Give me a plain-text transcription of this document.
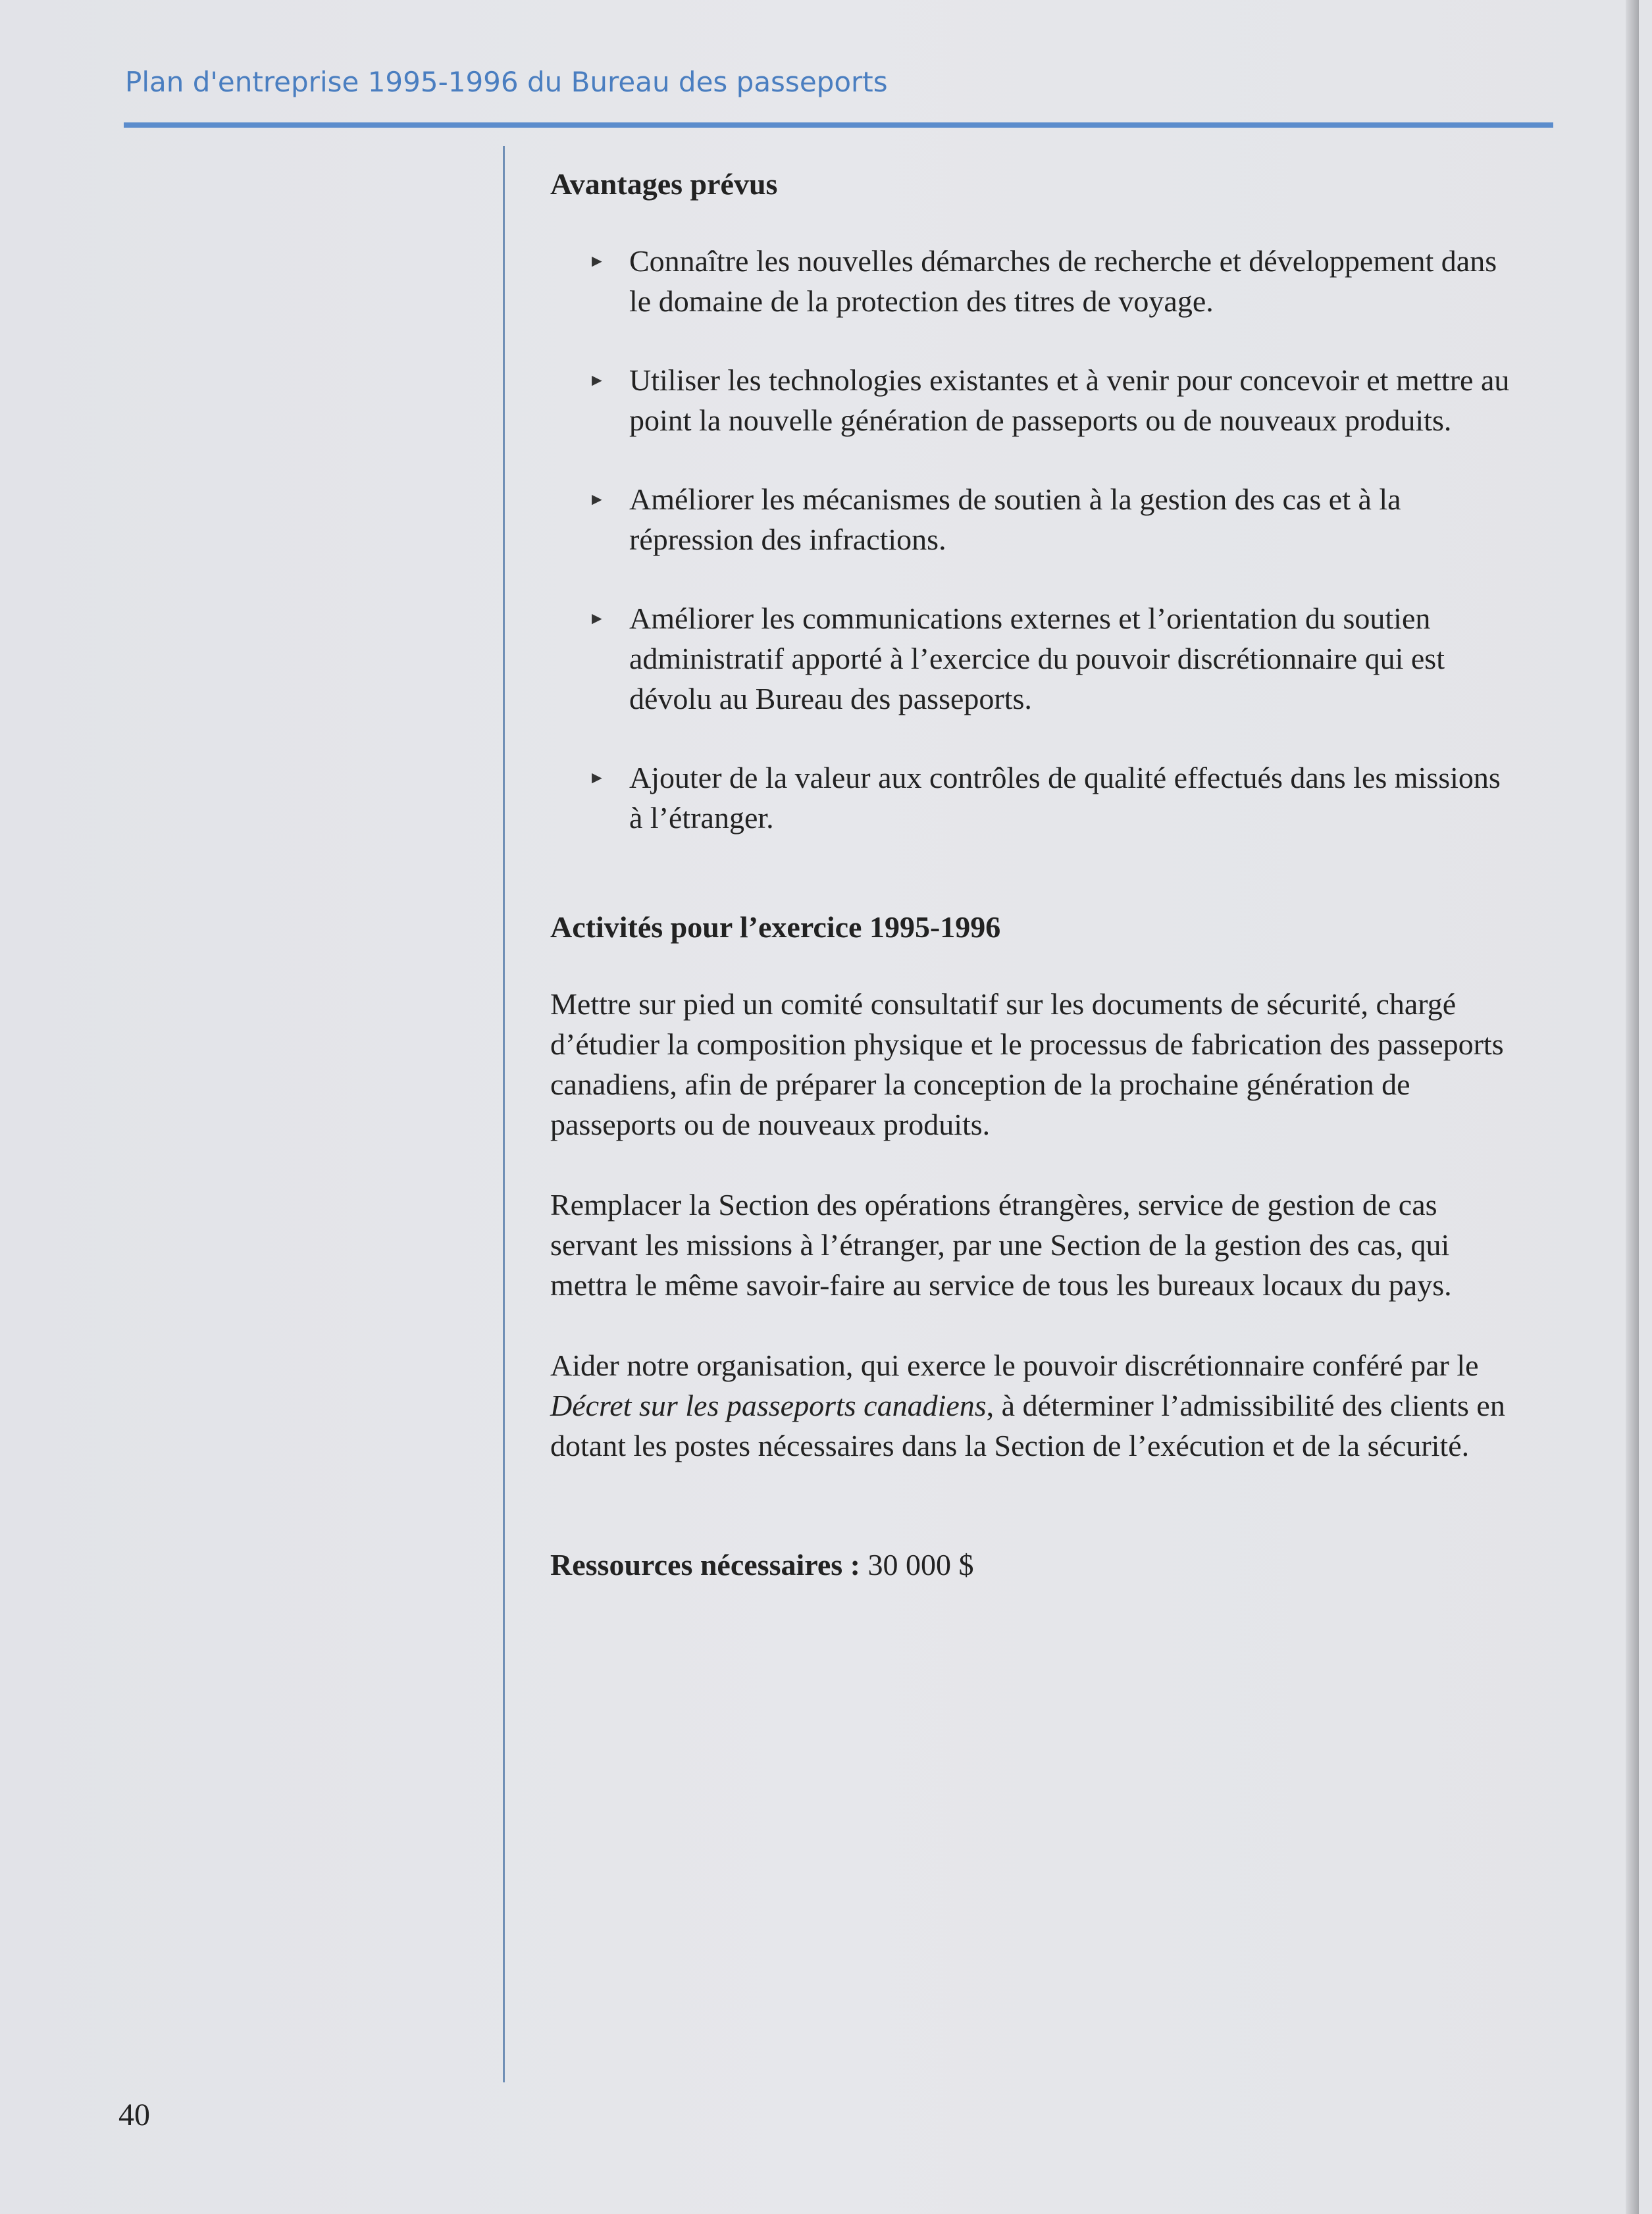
Plan d'entreprise 1995-1996 du Bureau des passeports
Avantages prévus
► Connaître les nouvelles démarches de recherche et développement dans le domaine de la protection des titres de voyage.
► Utiliser les technologies existantes et à venir pour concevoir et mettre au point la nouvelle génération de passeports ou de nouveaux produits.
► Améliorer les mécanismes de soutien à la gestion des cas et à la répression des infractions.
► Améliorer les communications externes et l’orientation du soutien administratif apporté à l’exercice du pouvoir discrétionnaire qui est dévolu au Bureau des passeports.
► Ajouter de la valeur aux contrôles de qualité effectués dans les missions à l’étranger.
Activités pour l’exercice 1995-1996

Mettre sur pied un comité consultatif sur les documents de sécurité, chargé d’étudier la composition physique et le processus de fabrication des passeports canadiens, afin de préparer la conception de la prochaine génération de passeports ou de nouveaux produits.

Remplacer la Section des opérations étrangères, service de gestion de cas servant les missions à l’étranger, par une Section de la gestion des cas, qui mettra le même savoir-faire au service de tous les bureaux locaux du pays.

Aider notre organisation, qui exerce le pouvoir discrétionnaire conféré par le Décret sur les passeports canadiens, à déterminer l’admissibilité des clients en dotant les postes nécessaires dans la Section de l’exécution et de la sécurité.

Ressources nécessaires : 30 000 $

40
